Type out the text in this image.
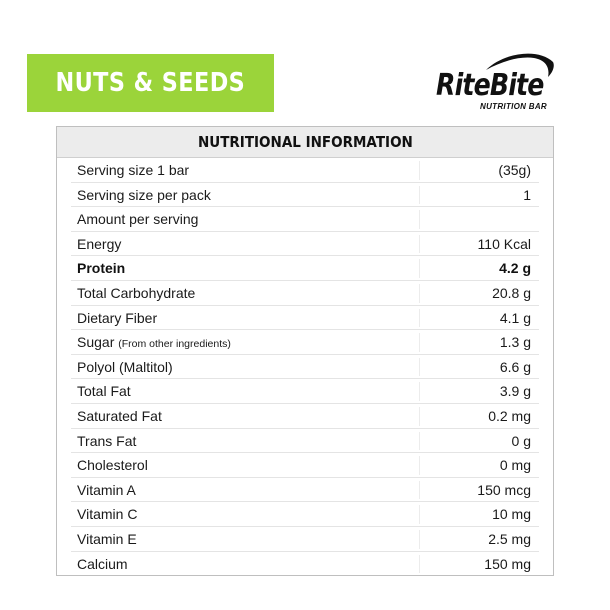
NUTS & SEEDS	RiteBite
NUTRITION BAR
NUTRITIONAL INFORMATION
Serving size 1 bar	(35g)
Serving size per pack	1
Amount per serving
Energy	110 Kcal
Protein	4.2 g
Total Carbohydrate	20.8 g
Dietary Fiber	4.1 g
Sugar (From other ingredients)	1.3 g
Polyol (Maltitol)	6.6 g
Total Fat	3.9 g
Saturated Fat	0.2 mg
Trans Fat	0 g
Cholesterol	0 mg
Vitamin A	150 mcg
Vitamin C	10 mg
Vitamin E	2.5 mg
Calcium	150 mg
